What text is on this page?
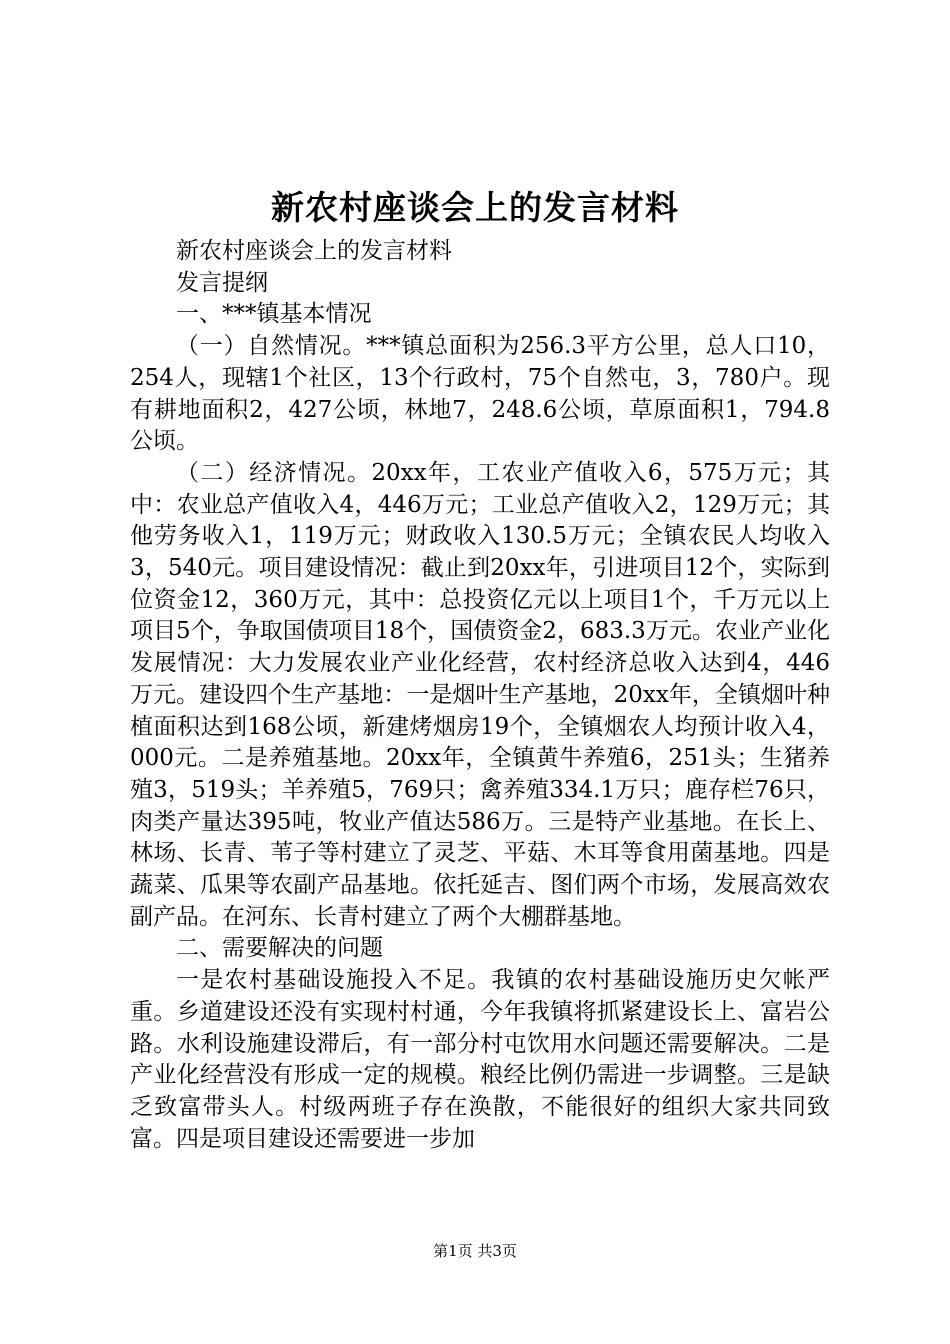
新农村座谈会上的发言材料

新农村座谈会上的发言材料

发言提纲

一、***镇基本情况

（一）自然情况。***镇总面积为256.3平方公里，总人口10，254人，现辖1个社区，13个行政村，75个自然屯，3，780户。现有耕地面积2，427公顷，林地7，248.6公顷，草原面积1，794.8公顷。

（二）经济情况。20xx年，工农业产值收入6，575万元；其中：农业总产值收入4，446万元；工业总产值收入2，129万元；其他劳务收入1，119万元；财政收入130.5万元；全镇农民人均收入3，540元。项目建设情况：截止到20xx年，引进项目12个，实际到位资金12，360万元，其中：总投资亿元以上项目1个，千万元以上项目5个，争取国债项目18个，国债资金2，683.3万元。农业产业化发展情况：大力发展农业产业化经营，农村经济总收入达到4，446万元。建设四个生产基地：一是烟叶生产基地，20xx年，全镇烟叶种植面积达到168公顷，新建烤烟房19个，全镇烟农人均预计收入4，000元。二是养殖基地。20xx年，全镇黄牛养殖6，251头；生猪养殖3，519头；羊养殖5，769只；禽养殖334.1万只；鹿存栏76只，肉类产量达395吨，牧业产值达586万。三是特产业基地。在长上、林场、长青、苇子等村建立了灵芝、平菇、木耳等食用菌基地。四是蔬菜、瓜果等农副产品基地。依托延吉、图们两个市场，发展高效农副产品。在河东、长青村建立了两个大棚群基地。

二、需要解决的问题

一是农村基础设施投入不足。我镇的农村基础设施历史欠帐严重。乡道建设还没有实现村村通，今年我镇将抓紧建设长上、富岩公路。水利设施建设滞后，有一部分村屯饮用水问题还需要解决。二是产业化经营没有形成一定的规模。粮经比例仍需进一步调整。三是缺乏致富带头人。村级两班子存在涣散，不能很好的组织大家共同致富。四是项目建设还需要进一步加

第1页 共3页
